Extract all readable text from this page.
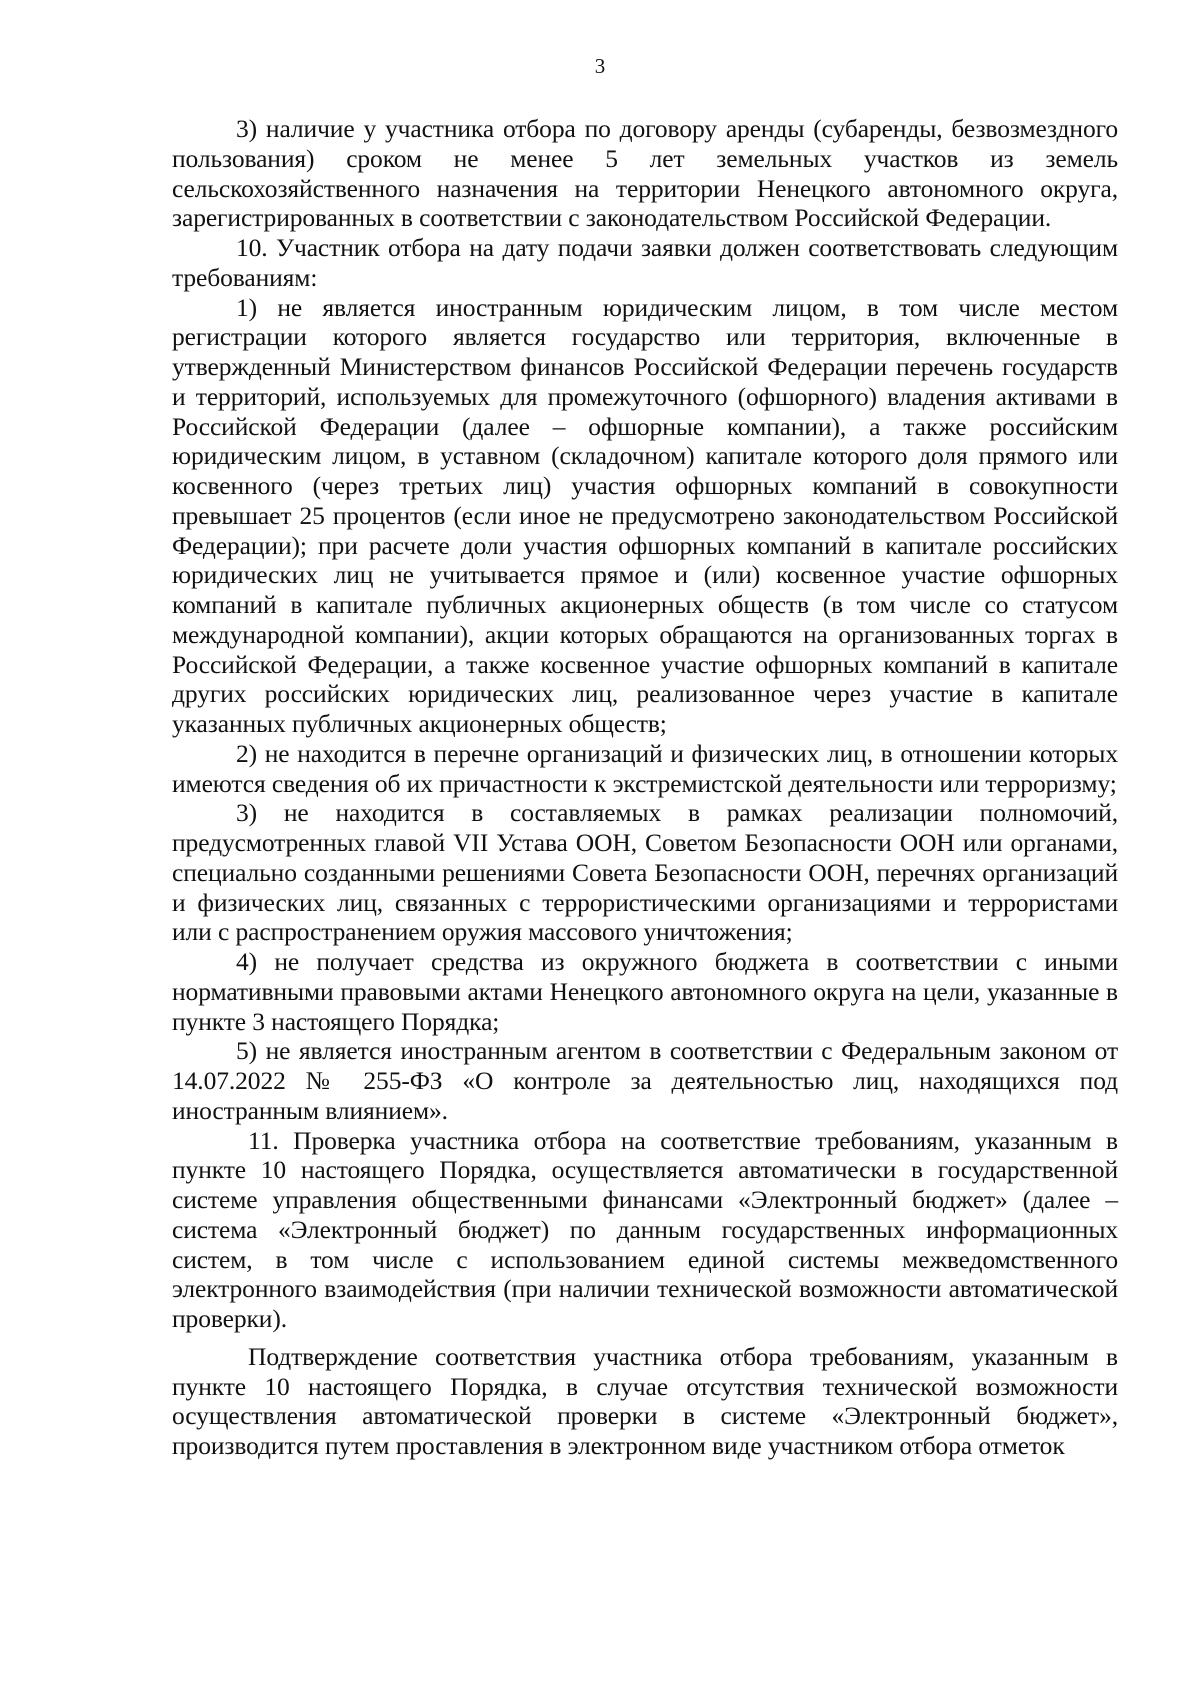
3

3) наличие у участника отбора по договору аренды (субаренды, безвозмездного пользования) сроком не менее 5 лет земельных участков из земель сельскохозяйственного назначения на территории Ненецкого автономного округа, зарегистрированных в соответствии с законодательством Российской Федерации.

10. Участник отбора на дату подачи заявки должен соответствовать следующим требованиям:

1) не является иностранным юридическим лицом, в том числе местом регистрации которого является государство или территория, включенные в утвержденный Министерством финансов Российской Федерации перечень государств и территорий, используемых для промежуточного (офшорного) владения активами в Российской Федерации (далее – офшорные компании), а также российским юридическим лицом, в уставном (складочном) капитале которого доля прямого или косвенного (через третьих лиц) участия офшорных компаний в совокупности превышает 25 процентов (если иное не предусмотрено законодательством Российской Федерации); при расчете доли участия офшорных компаний в капитале российских юридических лиц не учитывается прямое и (или) косвенное участие офшорных компаний в капитале публичных акционерных обществ (в том числе со статусом международной компании), акции которых обращаются на организованных торгах в Российской Федерации, а также косвенное участие офшорных компаний в капитале других российских юридических лиц, реализованное через участие в капитале указанных публичных акционерных обществ;

2) не находится в перечне организаций и физических лиц, в отношении которых имеются сведения об их причастности к экстремистской деятельности или терроризму;

3) не находится в составляемых в рамках реализации полномочий, предусмотренных главой VII Устава ООН, Советом Безопасности ООН или органами, специально созданными решениями Совета Безопасности ООН, перечнях организаций и физических лиц, связанных с террористическими организациями и террористами или с распространением оружия массового уничтожения;

4) не получает средства из окружного бюджета в соответствии с иными нормативными правовыми актами Ненецкого автономного округа на цели, указанные в пункте 3 настоящего Порядка;

5) не является иностранным агентом в соответствии с Федеральным законом от 14.07.2022 № 255-ФЗ «О контроле за деятельностью лиц, находящихся под иностранным влиянием».

11. Проверка участника отбора на соответствие требованиям, указанным в пункте 10 настоящего Порядка, осуществляется автоматически в государственной системе управления общественными финансами «Электронный бюджет» (далее – система «Электронный бюджет) по данным государственных информационных систем, в том числе с использованием единой системы межведомственного электронного взаимодействия (при наличии технической возможности автоматической проверки).

Подтверждение соответствия участника отбора требованиям, указанным в пункте 10 настоящего Порядка, в случае отсутствия технической возможности осуществления автоматической проверки в системе «Электронный бюджет», производится путем проставления в электронном виде участником отбора отметок
